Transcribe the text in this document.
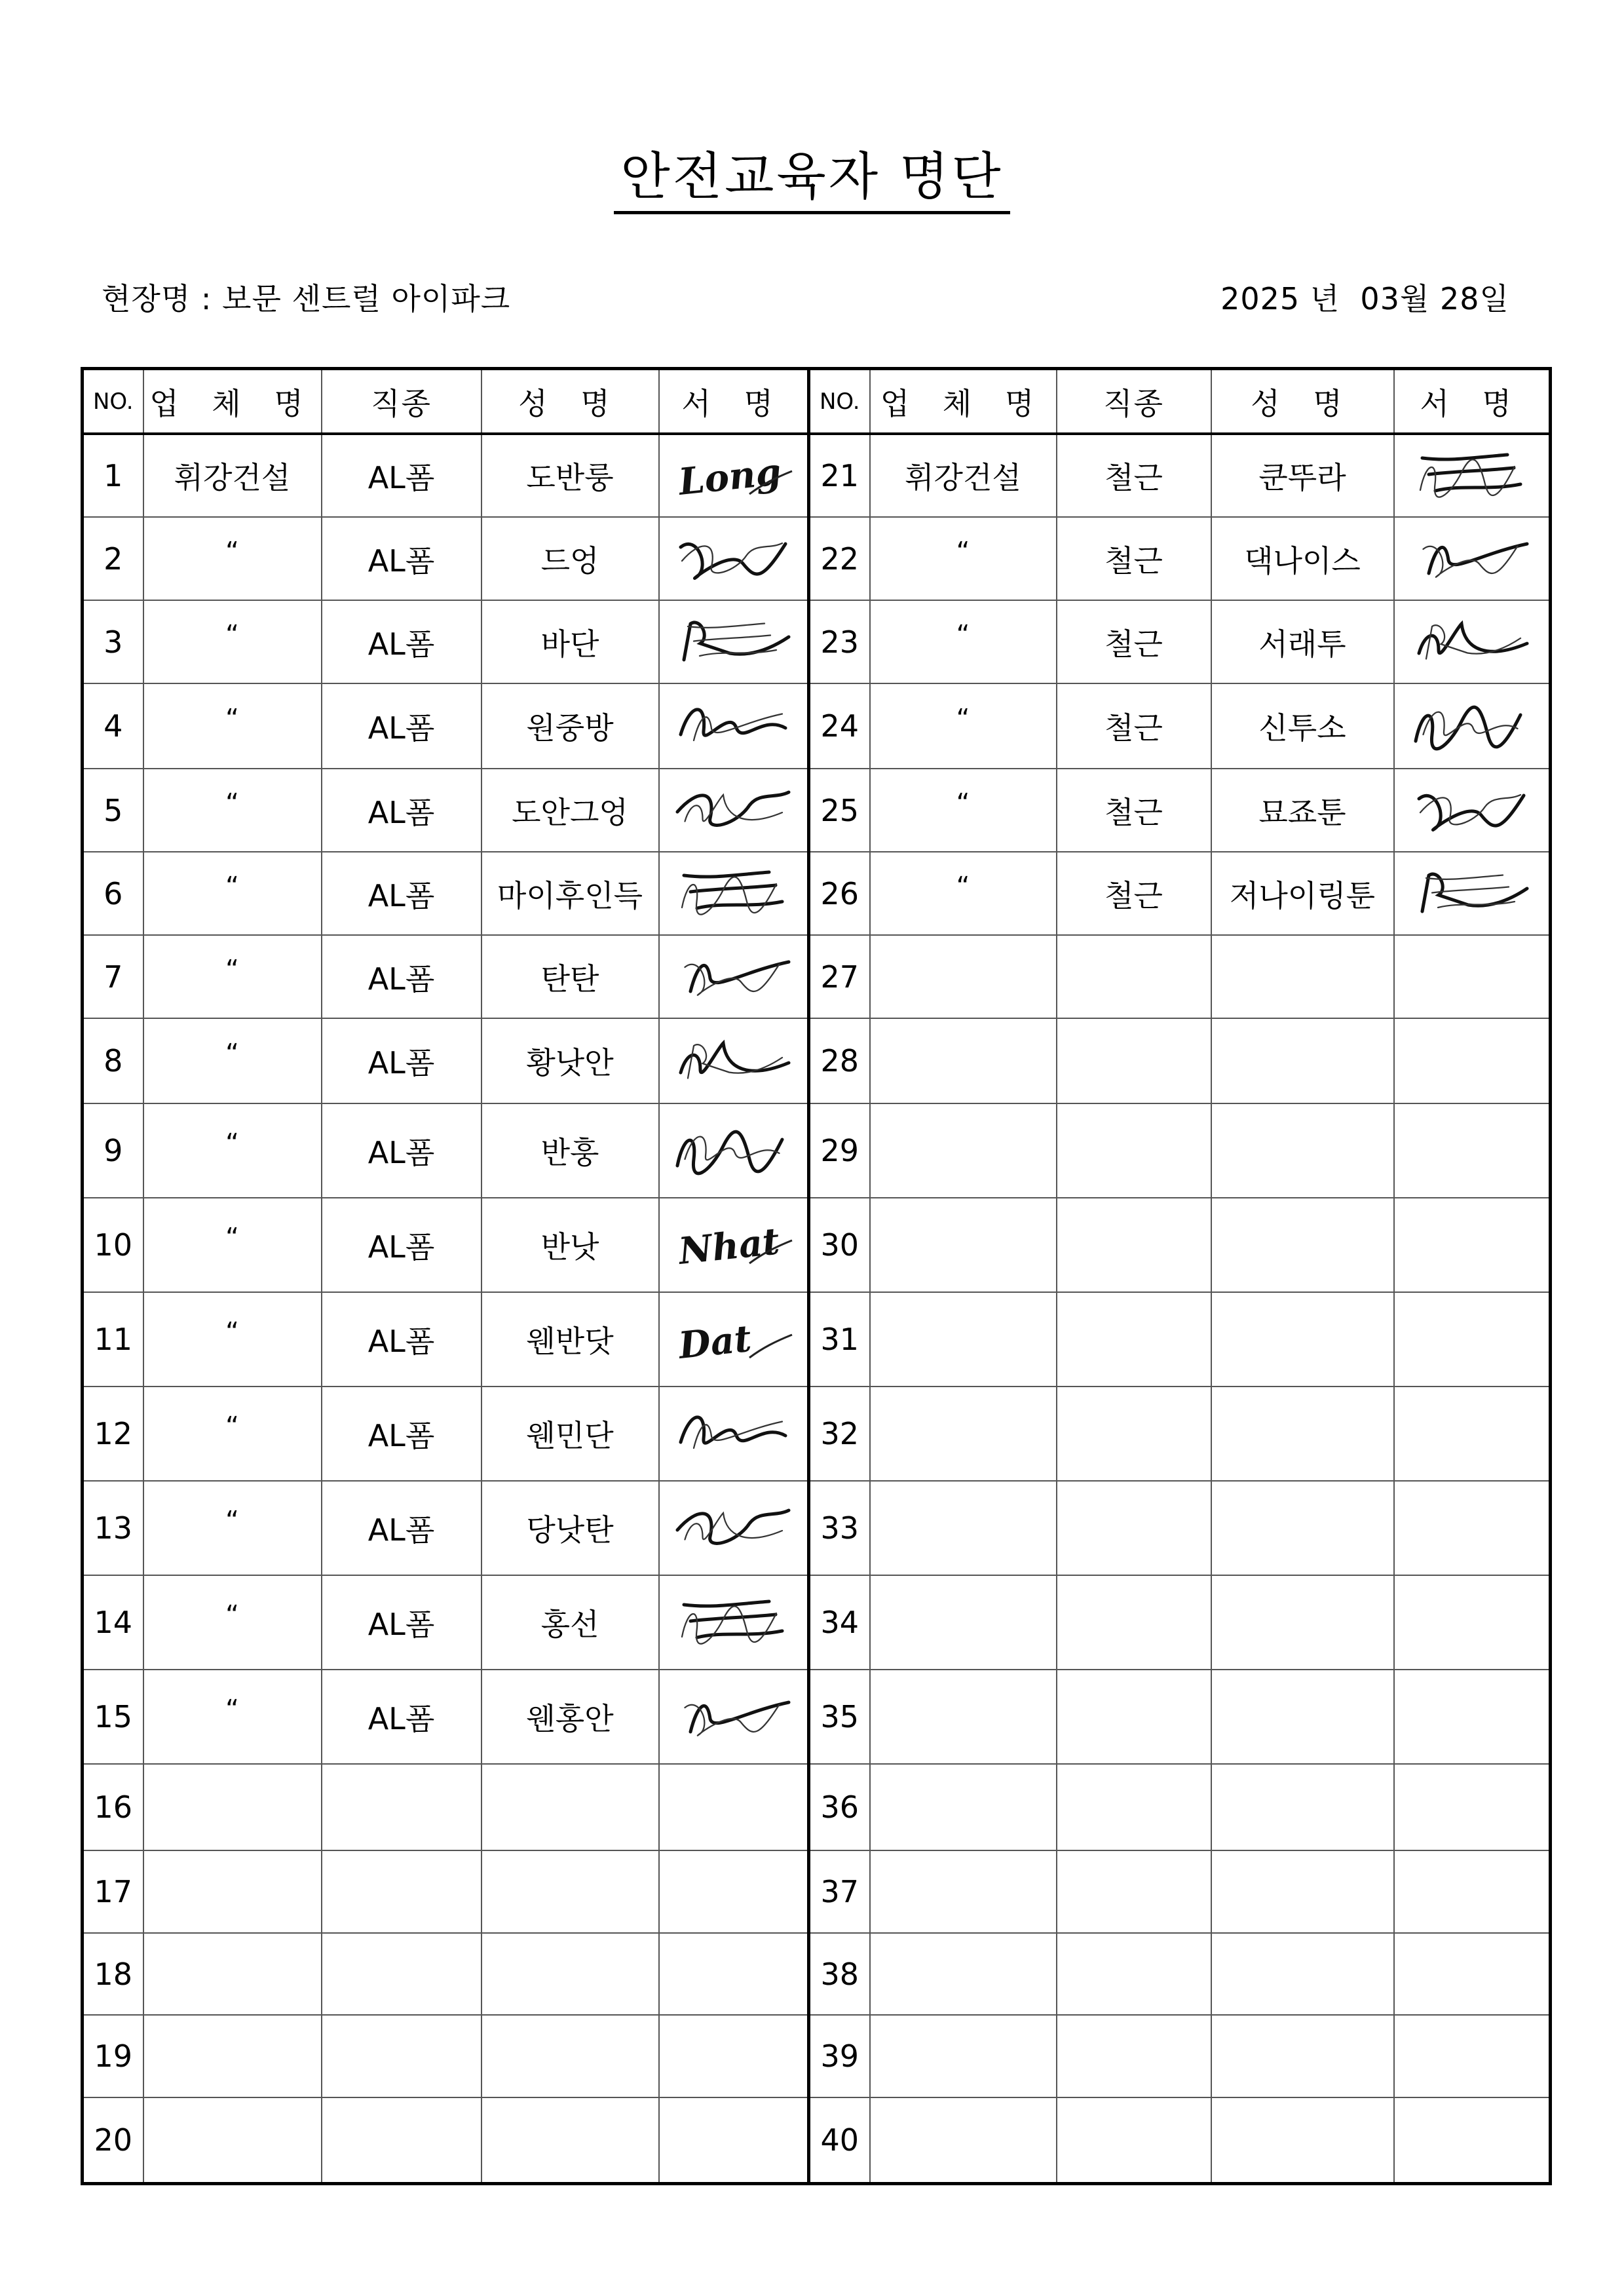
안전교육자 명단
현장명 : 보문 센트럴 아이파크	2025 년  03월 28일
NO.	업 체 명	직종	성 명	서 명	NO.	업 체 명	직종	성 명	서 명
1	휘강건설	AL폼	도반룽	Long	21	휘강건설	철근	쿤뚜라	

2	“	AL폼	드엉		22	“	철근	댁나이스	

3	“	AL폼	바단		23	“	철근	서래투	

4	“	AL폼	원중방		24	“	철근	신투소	

5	“	AL폼	도안그엉		25	“	철근	묘죠툰	

6	“	AL폼	마이후인득		26	“	철근	저나이링툰	

7	“	AL폼	탄탄		27				
8	“	AL폼	황낫안		28				
9	“	AL폼	반훙		29				
10	“	AL폼	반낫	Nhat	30				
11	“	AL폼	웬반닷	Dat	31				
12	“	AL폼	웬민단		32				
13	“	AL폼	당낫탄		33				
14	“	AL폼	홍선		34				
15	“	AL폼	웬홍안		35				
16					36				
17					37				
18					38				
19					39				
20					40				
